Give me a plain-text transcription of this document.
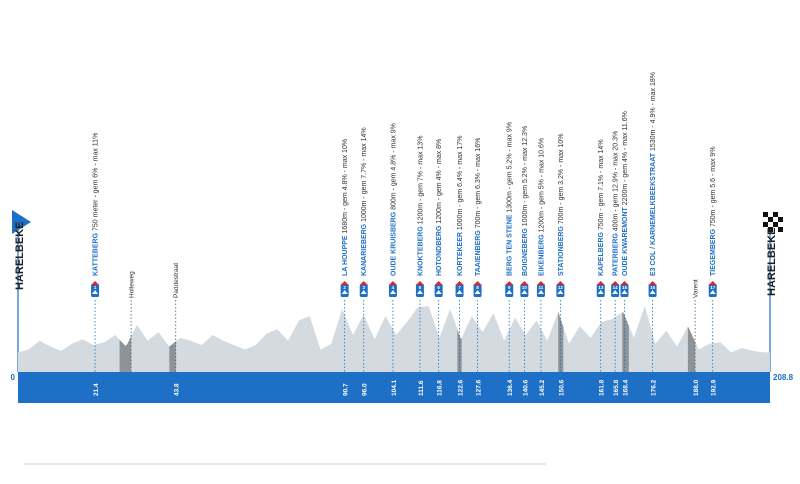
HARELBEKE	HARELBEKE
0	208.8
21.4	90.7 96.0	104.1	111.6 116.8 122.6 127.6	136.4 140.6 145.2 150.6	161.8 165.8 168.4	176.2	192.9
43.8	188.0
1
KATTEBERG 750 meter - gem 6% - max 11%
2
LA HOUPPE 1680m - gem 4.8% - max 10%
3
KANARIEBERG 1000m - gem 7.7% - max 14%
4
OUDE KRUISBERG 800m - gem 4.8% - max 9%
5
KNOKTEBERG 1200m - gem 7% - max 13%
6
HOTONDBERG 1200m - gem 4% - max 8%
7
KORTEKEER 1000m - gem 6.4% - max 17%
8
TAAIENBERG 700m - gem 6.3% - max 16%
9
BERG TEN STENE 1300m - gem 5.2% - max 9%
10
BOIGNEBERG 1000m - gem 5.2% - max 12.3%
11
EIKENBERG 1200m - gem 5% - max 10.6%
12
STATIONBERG 700m - gem 3.2% - max 10%
13
KAPELBERG 750m - gem 7.1% - max 14%
14
PATERBERG 400m - gem 12.9% - max 20.3%
15
OUDE KWAREMONT 2200m - gem 4% - max 11.6%
16
E3 COL / KARNEMELKBEEKSTRAAT 1530m - 4.9% - max 18%
17
TIEGEMBERG 750m - gem 5.6 - max 9%
Holleweg	Paddestraat	Varent
